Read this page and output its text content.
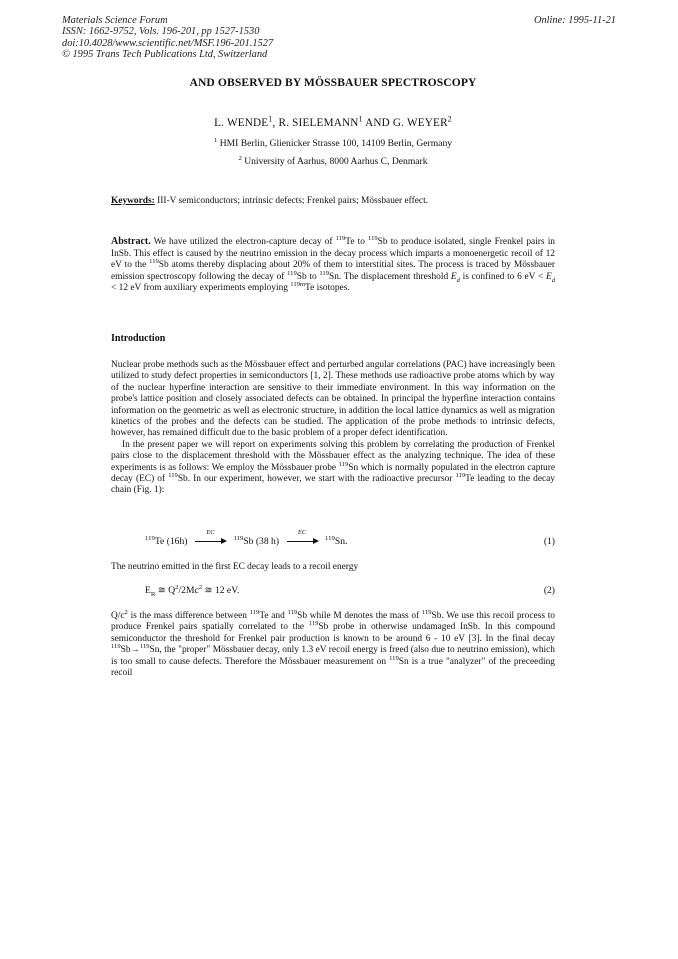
Materials Science Forum
ISSN: 1662-9752, Vols. 196-201, pp 1527-1530
doi:10.4028/www.scientific.net/MSF.196-201.1527
© 1995 Trans Tech Publications Ltd, Switzerland
Online: 1995-11-21
AND OBSERVED BY MÖSSBAUER SPECTROSCOPY
L. WENDE$^1$, R. SIELEMANN$^1$ AND G. WEYER$^2$
$^1$ HMI Berlin, Glienicker Strasse 100, 14109 Berlin, Germany
$^2$ University of Aarhus, 8000 Aarhus C, Denmark
Keywords: III-V semiconductors; intrinsic defects; Frenkel pairs; Mössbauer effect.
Abstract. We have utilized the electron-capture decay of $^{119}$Te to $^{119}$Sb to produce isolated, single Frenkel pairs in InSb. This effect is caused by the neutrino emission in the decay process which imparts a monoenergetic recoil of 12 eV to the $^{119}$Sb atoms thereby displacing about 20% of them to interstitial sites. The process is traced by Mössbauer emission spectroscopy following the decay of $^{119}$Sb to $^{119}$Sn. The displacement threshold $E_d$ is confined to 6 eV < $E_d < 12$ eV from auxiliary experiments employing $^{119m}$Te isotopes.
Introduction

Nuclear probe methods such as the Mössbauer effect and perturbed angular correlations (PAC) have increasingly been utilized to study defect properties in semiconductors [1, 2]. These methods use radioactive probe atoms which by way of the nuclear hyperfine interaction are sensitive to their immediate environment. In this way information on the probe's lattice position and closely associated defects can be obtained. In principal the hyperfine interaction contains information on the geometric as well as electronic structure, in addition the local lattice dynamics as well as migration kinetics of the probes and the defects can be studied. The application of the probe methods to intrinsic defects, however, has remained difficult due to the basic problem of a proper defect identification.

In the present paper we will report on experiments solving this problem by correlating the production of Frenkel pairs close to the displacement threshold with the Mössbauer effect as the analyzing technique. The idea of these experiments is as follows: We employ the Mössbauer probe $^{119}$Sn which is normally populated in the electron capture decay (EC) of $^{119}$Sb. In our experiment, however, we start with the radioactive precursor $^{119}$Te leading to the decay chain (Fig. 1):

$^{119}$Te (16h)
EC
$^{119}$Sb (38 h)
EC
$^{119}$Sn.	(1)
The neutrino emitted in the first EC decay leads to a recoil energy
$E_R$ ≅ $Q^2/2Mc^2$ ≅ 12 eV.	(2)

$Q/c^2$ is the mass difference between $^{119}$Te and $^{119}$Sb while M denotes the mass of $^{119}$Sb. We use this recoil process to produce Frenkel pairs spatially correlated to the $^{119}$Sb probe in otherwise undamaged InSb. In this compound semiconductor the threshold for Frenkel pair production is known to be around 6 - 10 eV [3]. In the final decay $^{119}$Sb→$^{119}$Sn, the "proper" Mössbauer decay, only 1.3 eV recoil energy is freed (also due to neutrino emission), which is too small to cause defects. Therefore the Mössbauer measurement on $^{119}$Sn is a true "analyzer" of the preceeding recoil
